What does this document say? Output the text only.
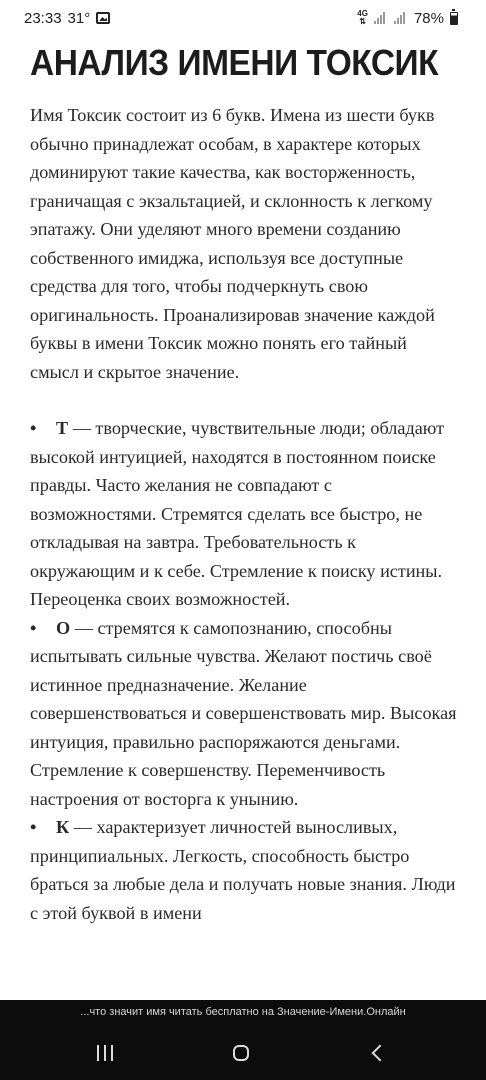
23:33 31°	4G
⇅	78%
АНАЛИЗ ИМЕНИ ТОКСИК

Имя Токсик состоит из 6 букв. Имена из шести букв обычно принадлежат особам, в характере которых доминируют такие качества, как восторженность, граничащая с экзальтацией, и склонность к легкому эпатажу. Они уделяют много времени созданию собственного имиджа, используя все доступные средства для того, чтобы подчеркнуть свою оригинальность. Проанализировав значение каждой буквы в имени Токсик можно понять его тайный смысл и скрытое значение.

• Т — творческие, чувствительные люди; обладают высокой интуицией, находятся в постоянном поиске правды. Часто желания не совпадают с возможностями. Стремятся сделать все быстро, не откладывая на завтра. Требовательность к окружающим и к себе. Стремление к поиску истины. Переоценка своих возможностей.
• О — стремятся к самопознанию, способны испытывать сильные чувства. Желают постичь своё истинное предназначение. Желание совершенствоваться и совершенствовать мир. Высокая интуиция, правильно распоряжаются деньгами. Стремление к совершенству. Переменчивость настроения от восторга к унынию.
• К — характеризует личностей выносливых, принципиальных. Легкость, способность быстро браться за любые дела и получать новые знания. Люди с этой буквой в имени
...что значит имя читать бесплатно на Значение-Имени.Онлайн
